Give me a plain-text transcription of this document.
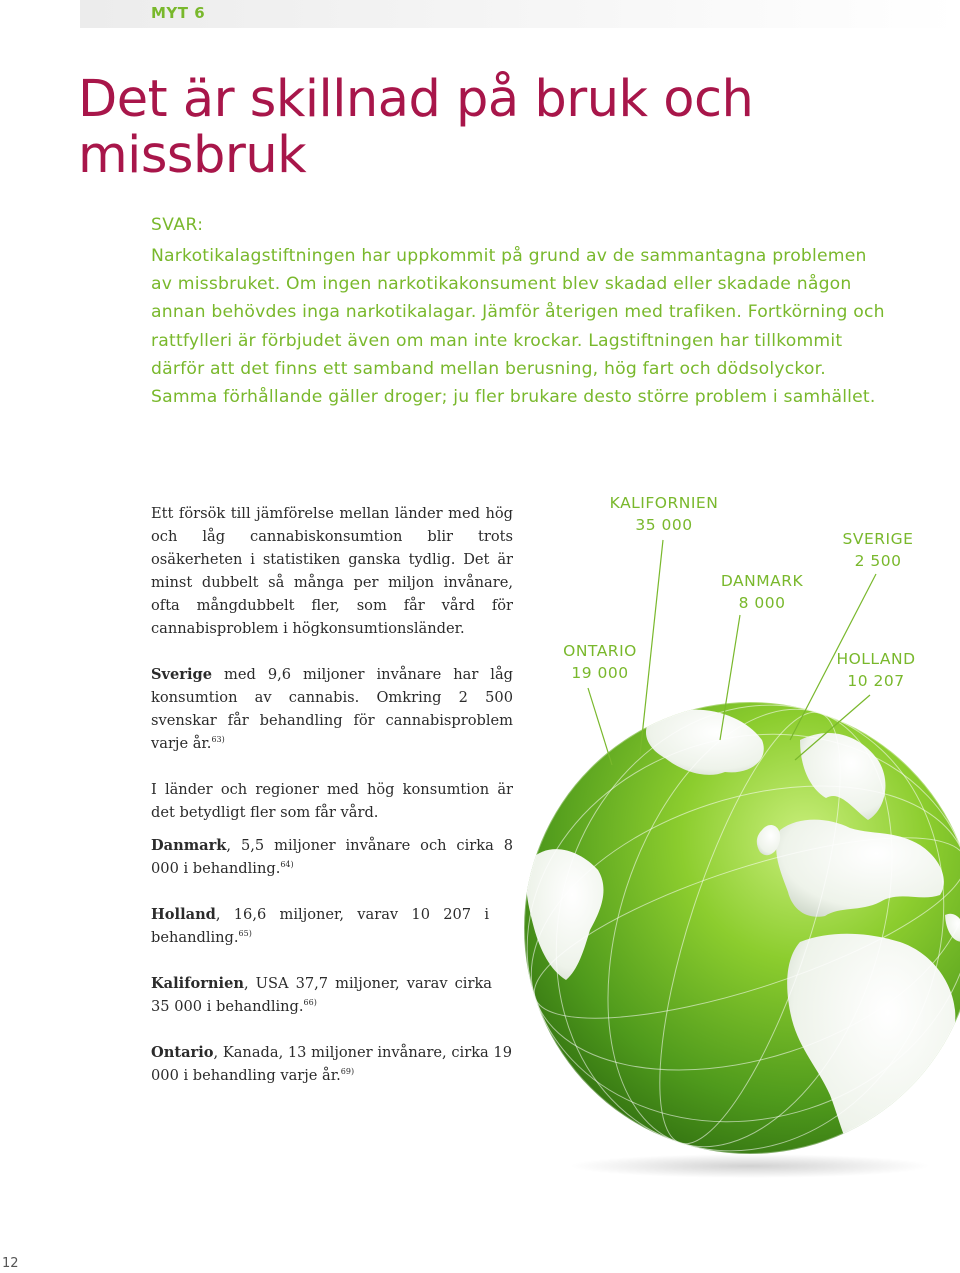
MYT 6
Det är skillnad på bruk och missbruk
SVAR:

Narkotikalagstiftningen har uppkommit på grund av de sammantagna problemen av missbruket. Om ingen narkotikakonsument blev skadad eller skadade någon annan behövdes inga narkotikalagar. Jämför återigen med trafiken. Fortkörning och rattfylleri är förbjudet även om man inte krockar. Lagstiftningen har tillkommit därför att det finns ett samband mellan berusning, hög fart och dödsolyckor. Samma förhållande gäller droger; ju fler brukare desto större problem i samhället.

Ett försök till jämförelse mellan länder med hög och låg cannabiskonsumtion blir trots osäkerheten i statistiken ganska tydlig. Det är minst dubbelt så många per miljon invånare, ofta mångdubbelt fler, som får vård för cannabisproblem i högkonsumtionsländer.

Sverige med 9,6 miljoner invånare har låg konsumtion av cannabis. Omkring 2 500 svenskar får behandling för cannabisproblem varje år.$^{63)}$

I länder och regioner med hög konsumtion är det betydligt fler som får vård.

Danmark, 5,5 miljoner invånare och cirka 8 000 i behandling.$^{64)}$

Holland, 16,6 miljoner, varav 10 207 i behandling.$^{65)}$

Kalifornien, USA 37,7 miljoner, varav cirka 35 000 i behandling.$^{66)}$

Ontario, Kanada, 13 miljoner invånare, cirka 19 000 i behandling varje år.$^{69)}$

KALIFORNIEN
35 000
SVERIGE
2 500
DANMARK
8 000
ONTARIO
19 000
HOLLAND
10 207
12
